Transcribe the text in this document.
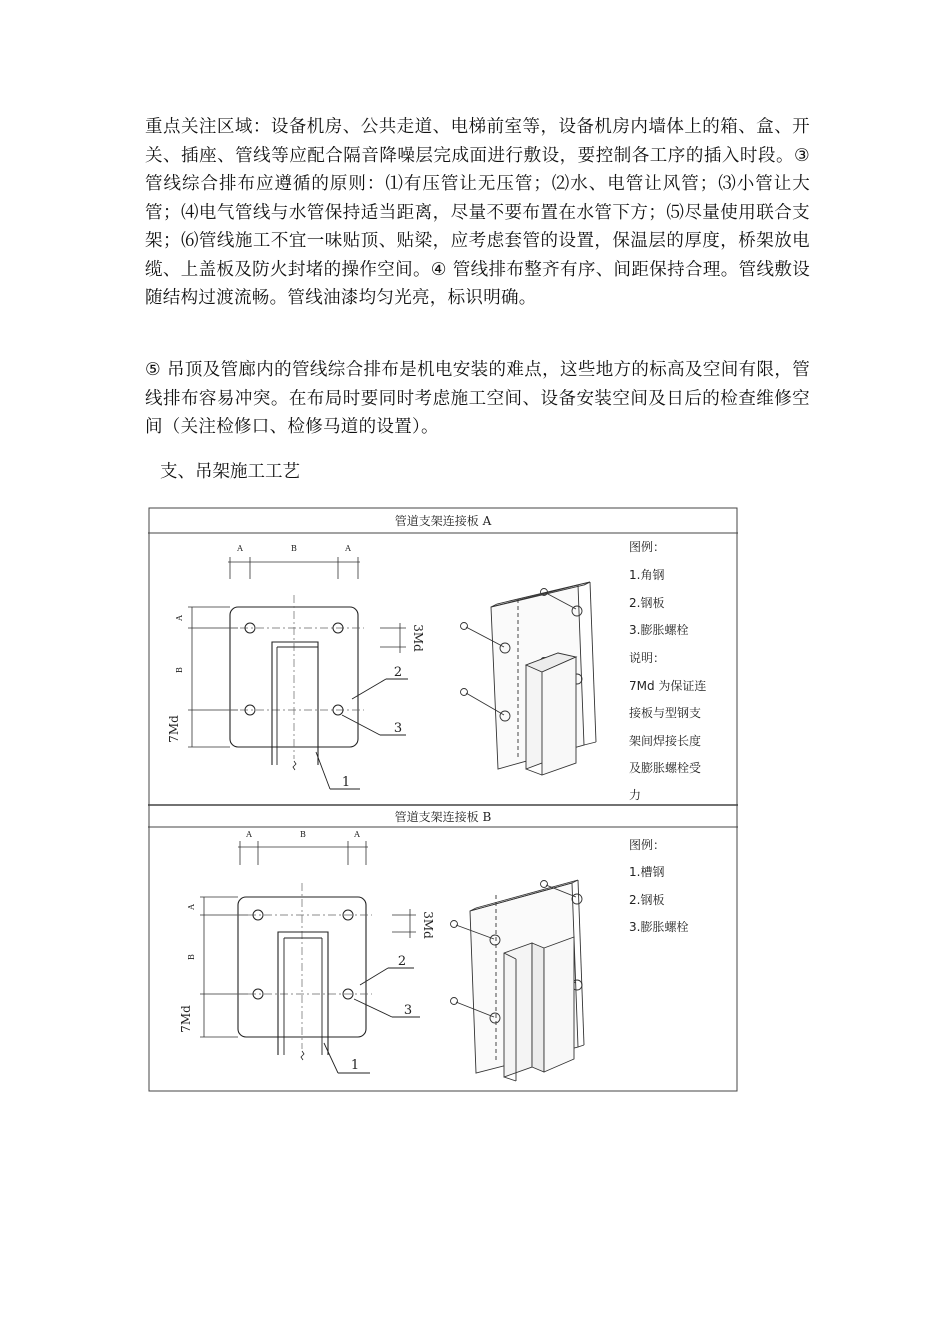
重点关注区域：设备机房、公共走道、电梯前室等，设备机房内墙体上的箱、盒、开关、插座、管线等应配合隔音降噪层完成面进行敷设，要控制各工序的插入时段。③ 管线综合排布应遵循的原则：⑴有压管让无压管；⑵水、电管让风管；⑶小管让大管；⑷电气管线与水管保持适当距离，尽量不要布置在水管下方；⑸尽量使用联合支架；⑹管线施工不宜一味贴顶、贴梁，应考虑套管的设置，保温层的厚度，桥架放电缆、上盖板及防火封堵的操作空间。④ 管线排布整齐有序、间距保持合理。管线敷设随结构过渡流畅。管线油漆均匀光亮，标识明确。

⑤ 吊顶及管廊内的管线综合排布是机电安装的难点，这些地方的标高及空间有限，管线排布容易冲突。在布局时要同时考虑施工空间、设备安装空间及日后的检查维修空间（关注检修口、检修马道的设置）。

支、吊架施工工艺

管道支架连接板 A
A	B	A
A
B
7Md
3Md
2
3
1
图例：
1.角钢
2.钢板
3.膨胀螺栓
说明：
7Md 为保证连
接板与型钢支
架间焊接长度
及膨胀螺栓受
力
管道支架连接板 B
A	B	A
A
B
7Md
3Md
2
3
1
图例：
1.槽钢
2.钢板
3.膨胀螺栓
